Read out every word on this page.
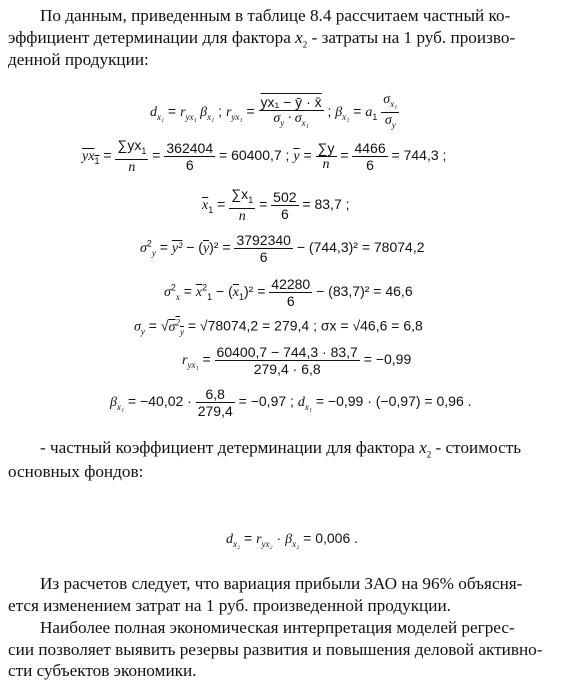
По данным, приведенным в таблице 8.4 рассчитаем частный ко-
эффициент детерминации для фактора $x_2$ - затраты на 1 руб. произво-
денной продукции:
$d_{x_1} = r_{yx_1}$ $\beta_{x_1}$ ; $r_{yx_1} = \frac{\text{yx₁ − ȳ · x̄}}{\sigma_y \cdot \sigma_{x_1}}$ ; $\beta_{x_1} = a_1 \frac{\sigma_{x_1}}{\sigma_y}$
$yx_1 = \frac{\sum yx_1}{n} = \frac{362404}{6} = 60400,7$ ; $\overline{y} = \frac{\sum y}{n} = \frac{4466}{6} = 744,3$ ;
$\overline{x}_1 = \frac{\sum x_1}{n} = \frac{502}{6} = 83,7$ ;
$\sigma^2_y = y^2 - (\overline{y})^2 = \frac{3792340}{6} - (744,3)^2 = 78074,2$
$\sigma^2_x = \overline{x}^2_1 - (\overline{x}_1)^2 = \frac{42280}{6} - (83,7)^2 = 46,6$
$\sigma_y = √\sigma^2_y = √78074,2 = 279,4$ ; σx = √46,6 = 6,8
$r_{yx_1} = \frac{60400,7 - 744,3 \cdot 83,7}{279,4 \cdot 6,8} = -0,99$
$\beta_{x_1} = -40,02 \cdot \frac{6,8}{279,4} = -0,97$ ; $d_{x_1} = -0,99 \cdot (-0,97) = 0,96$ .
- частный коэффициент детерминации для фактора $x_2$ - стоимость
основных фондов:
$d_{x_2} = r_{yx_2} \cdot \beta_{x_2} = 0,006$ .
Из расчетов следует, что вариация прибыли ЗАО на 96% объясня-
ется изменением затрат на 1 руб. произведенной продукции.
Наиболее полная экономическая интерпретация моделей регрес-
сии позволяет выявить резервы развития и повышения деловой активно-
сти субъектов экономики.
